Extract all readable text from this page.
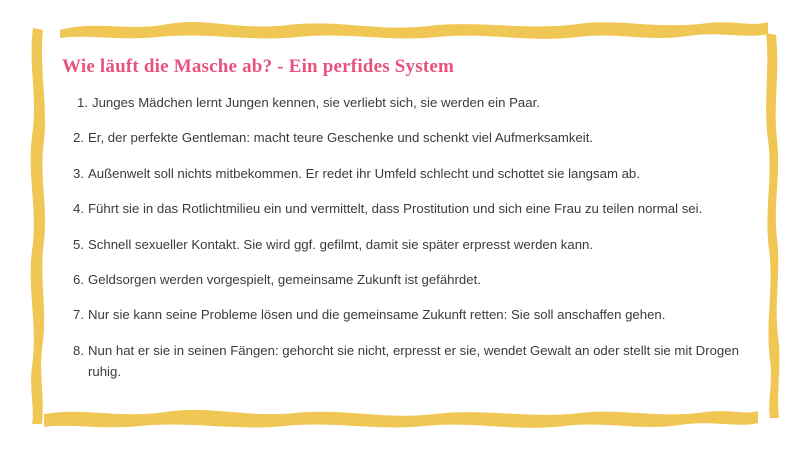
Wie läuft die Masche ab? - Ein perfides System
Junges Mädchen lernt Jungen kennen, sie verliebt sich, sie werden ein Paar.
Er, der perfekte Gentleman: macht teure Geschenke und schenkt viel Aufmerksamkeit.
Außenwelt soll nichts mitbekommen. Er redet ihr Umfeld schlecht und schottet sie langsam ab.
Führt sie in das Rotlichtmilieu ein und vermittelt, dass Prostitution und sich eine Frau zu teilen normal sei.
Schnell sexueller Kontakt. Sie wird ggf. gefilmt, damit sie später erpresst werden kann.
Geldsorgen werden vorgespielt, gemeinsame Zukunft ist gefährdet.
Nur sie kann seine Probleme lösen und die gemeinsame Zukunft retten: Sie soll anschaffen gehen.
Nun hat er sie in seinen Fängen: gehorcht sie nicht, erpresst er sie, wendet Gewalt an oder stellt sie mit Drogen ruhig.
